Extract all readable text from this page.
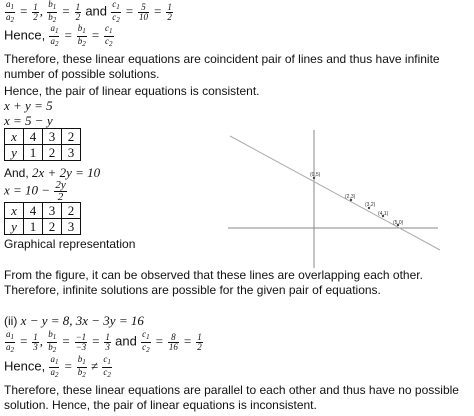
$\frac{a_1}{a_2} = \frac{1}{2}$ , $\frac{b_1}{b_2} = \frac{1}{2}$ and $\frac{c_1}{c_2} = \frac{5}{10} = \frac{1}{2}$
Hence, $\frac{a_1}{a_2} = \frac{b_1}{b_2} = \frac{c_1}{c_2}$
Therefore, these linear equations are coincident pair of lines and thus have infinite
number of possible solutions.
Hence, the pair of linear equations is consistent.
x + y = 5
x = 5 − y
x	4	3	2
y	1	2	3
And, 2x + 2y = 10
$x = 10 - \frac{2y}{2}$
x	4	3	2
y	1	2	3
Graphical representation
(0,5)
(2,3)
(3,2)
(4,1)
(5,0)
From the figure, it can be observed that these lines are overlapping each other.
Therefore, infinite solutions are possible for the given pair of equations.
(ii) x − y = 8, 3x − 3y = 16
$\frac{a_1}{a_2} = \frac{1}{3}$ , $\frac{b_1}{b_2} = \frac{-1}{-3} = \frac{1}{3}$ and $\frac{c_1}{c_2} = \frac{8}{16} = \frac{1}{2}$
Hence, $\frac{a_1}{a_2} = \frac{b_1}{b_2} \ne \frac{c_1}{c_2}$
Therefore, these linear equations are parallel to each other and thus have no possible
solution. Hence, the pair of linear equations is inconsistent.
